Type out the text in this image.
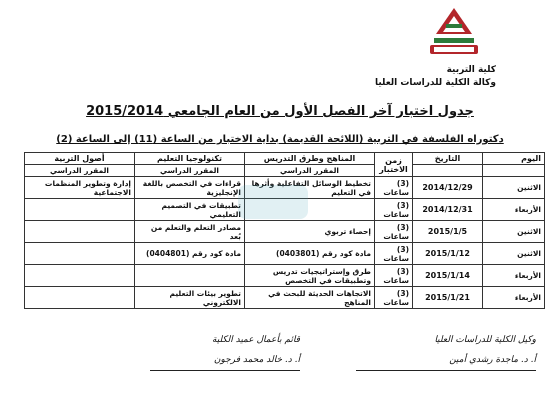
كلية التربية
وكالة الكلية للدراسات العليا
جدول اختبار آخر الفصل الأول من العام الجامعي 2015/2014
دكتوراه الفلسفة في التربية (اللائحة القديمة) بداية الاختبار من الساعة (11) إلى الساعة (2)
اليوم	التاريخ	زمن الاختبار	المناهج وطرق التدريس	تكنولوجيا التعليم	أصول التربية
			المقرر الدراسي	المقرر الدراسي	المقرر الدراسي
الاثنين	2014/12/29	(3) ساعات	تخطيط الوسائل التفاعلية وأثرها في التعليم	قراءات في التخصص باللغة الإنجليزية	إدارة وتطوير المنظمات الاجتماعية
الأربعاء	2014/12/31	(3) ساعات		تطبيقات في التصميم التعليمي	
الاثنين	2015/1/5	(3) ساعات	إحصاء تربوي	مصادر التعلم والتعلم من بُعد	
الاثنين	2015/1/12	(3) ساعات	مادة كود رقم (0403801)	مادة كود رقم (0404801)	
الأربعاء	2015/1/14	(3) ساعات	طرق وإستراتيجيات تدريس وتطبيقات في التخصص		
الأربعاء	2015/1/21	(3) ساعات	الاتجاهات الحديثة للبحث في المناهج	تطوير بيئات التعليم الالكتروني	
قائم بأعمال عميد الكلية
أ. د. خالد محمد فرجون
وكيل الكلية للدراسات العليا
أ. د. ماجدة رشدي أمين
